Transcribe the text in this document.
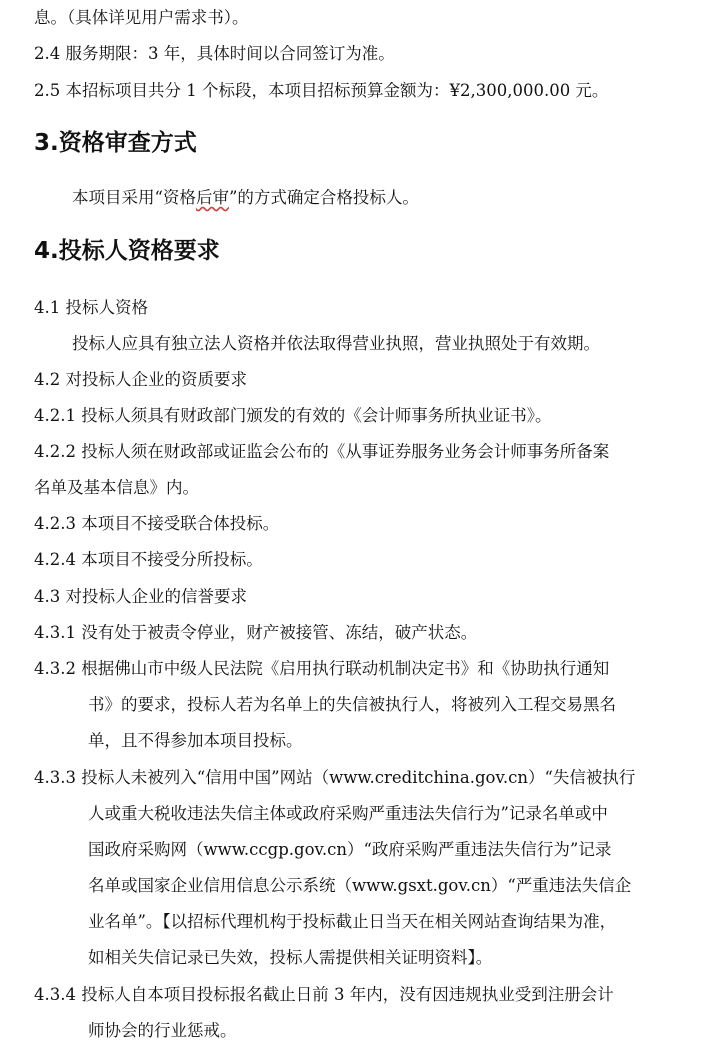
息。（具体详见用户需求书）。
2.4 服务期限：3 年，具体时间以合同签订为准。
2.5 本招标项目共分 1 个标段，本项目招标预算金额为：¥2,300,000.00 元。
3.资格审查方式
本项目采用“资格后审”的方式确定合格投标人。
4.投标人资格要求
4.1 投标人资格
投标人应具有独立法人资格并依法取得营业执照，营业执照处于有效期。
4.2 对投标人企业的资质要求
4.2.1 投标人须具有财政部门颁发的有效的《会计师事务所执业证书》。
4.2.2 投标人须在财政部或证监会公布的《从事证券服务业务会计师事务所备案
名单及基本信息》内。
4.2.3 本项目不接受联合体投标。
4.2.4 本项目不接受分所投标。
4.3 对投标人企业的信誉要求
4.3.1 没有处于被责令停业，财产被接管、冻结，破产状态。
4.3.2 根据佛山市中级人民法院《启用执行联动机制决定书》和《协助执行通知
书》的要求，投标人若为名单上的失信被执行人，将被列入工程交易黑名
单，且不得参加本项目投标。
4.3.3 投标人未被列入“信用中国”网站（www.creditchina.gov.cn）“失信被执行
人或重大税收违法失信主体或政府采购严重违法失信行为”记录名单或中
国政府采购网（www.ccgp.gov.cn）“政府采购严重违法失信行为”记录
名单或国家企业信用信息公示系统（www.gsxt.gov.cn）“严重违法失信企
业名单”。【以招标代理机构于投标截止日当天在相关网站查询结果为准，
如相关失信记录已失效，投标人需提供相关证明资料】。
4.3.4 投标人自本项目投标报名截止日前 3 年内，没有因违规执业受到注册会计
师协会的行业惩戒。
